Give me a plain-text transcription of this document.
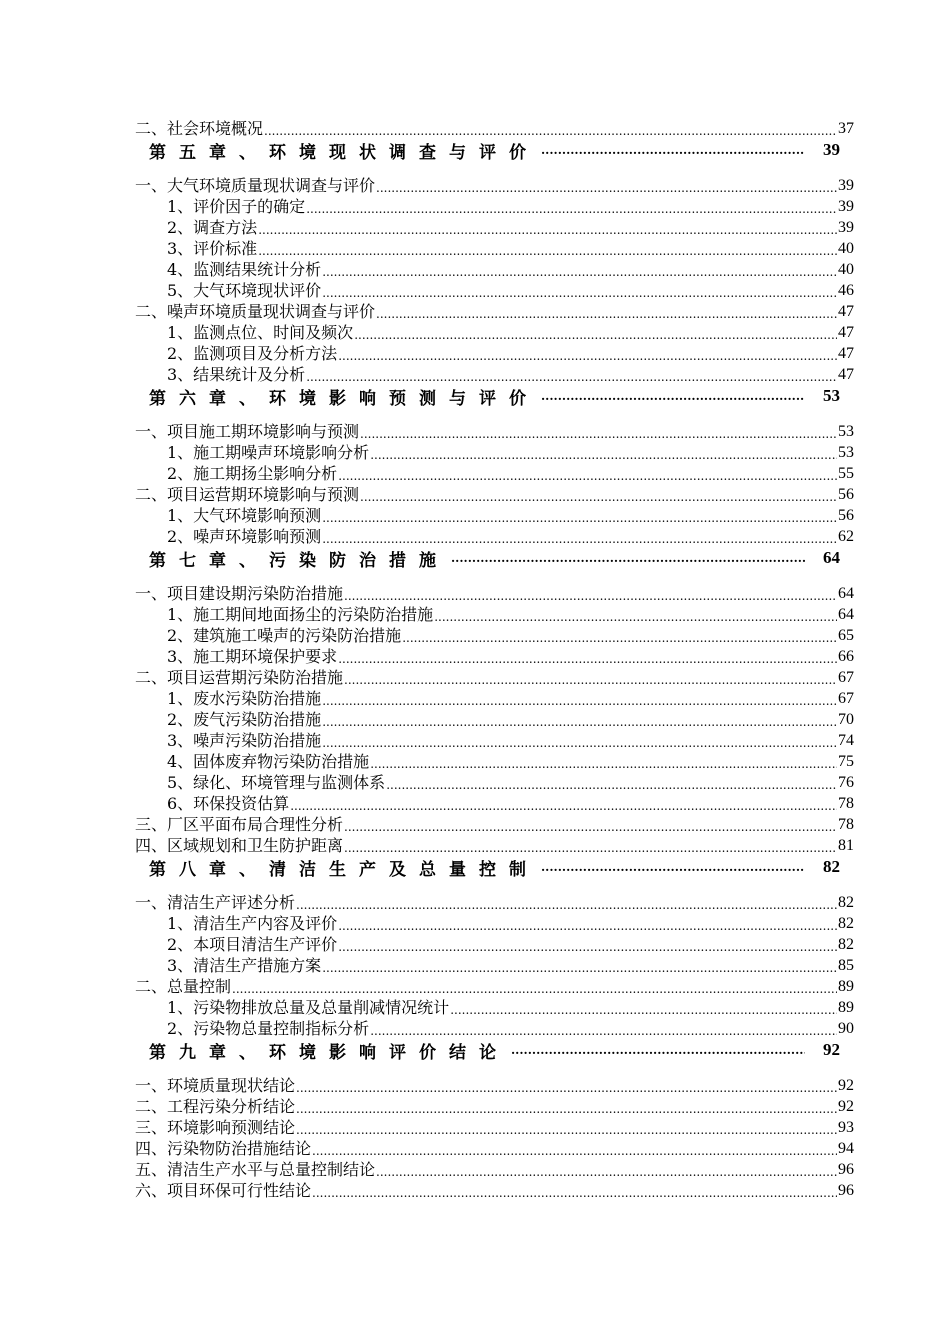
二、社会环境概况 .....	37
第五章、环境现状调查与评价 .....	39
一、大气环境质量现状调查与评价 .....	39
1、评价因子的确定 .....	39
2、调查方法 .....	39
3、评价标准 .....	40
4、监测结果统计分析 .....	40
5、大气环境现状评价 .....	46
二、噪声环境质量现状调查与评价 .....	47
1、监测点位、时间及频次 .....	47
2、监测项目及分析方法 .....	47
3、结果统计及分析 .....	47
第六章、环境影响预测与评价 .....	53
一、项目施工期环境影响与预测 .....	53
1、施工期噪声环境影响分析 .....	53
2、施工期扬尘影响分析 .....	55
二、项目运营期环境影响与预测 .....	56
1、大气环境影响预测 .....	56
2、噪声环境影响预测 .....	62
第七章、污染防治措施 .....	64
一、项目建设期污染防治措施 .....	64
1、施工期间地面扬尘的污染防治措施 .....	64
2、建筑施工噪声的污染防治措施 .....	65
3、施工期环境保护要求 .....	66
二、项目运营期污染防治措施 .....	67
1、废水污染防治措施 .....	67
2、废气污染防治措施 .....	70
3、噪声污染防治措施 .....	74
4、固体废弃物污染防治措施 .....	75
5、绿化、环境管理与监测体系 .....	76
6、环保投资估算 .....	78
三、厂区平面布局合理性分析 .....	78
四、区域规划和卫生防护距离 .....	81
第八章、清洁生产及总量控制 .....	82
一、清洁生产评述分析 .....	82
1、清洁生产内容及评价 .....	82
2、本项目清洁生产评价 .....	82
3、清洁生产措施方案 .....	85
二、总量控制 .....	89
1、污染物排放总量及总量削减情况统计 .....	89
2、污染物总量控制指标分析 .....	90
第九章、环境影响评价结论 .....	92
一、环境质量现状结论 .....	92
二、工程污染分析结论 .....	92
三、环境影响预测结论 .....	93
四、污染物防治措施结论 .....	94
五、清洁生产水平与总量控制结论 .....	96
六、项目环保可行性结论 .....	96
